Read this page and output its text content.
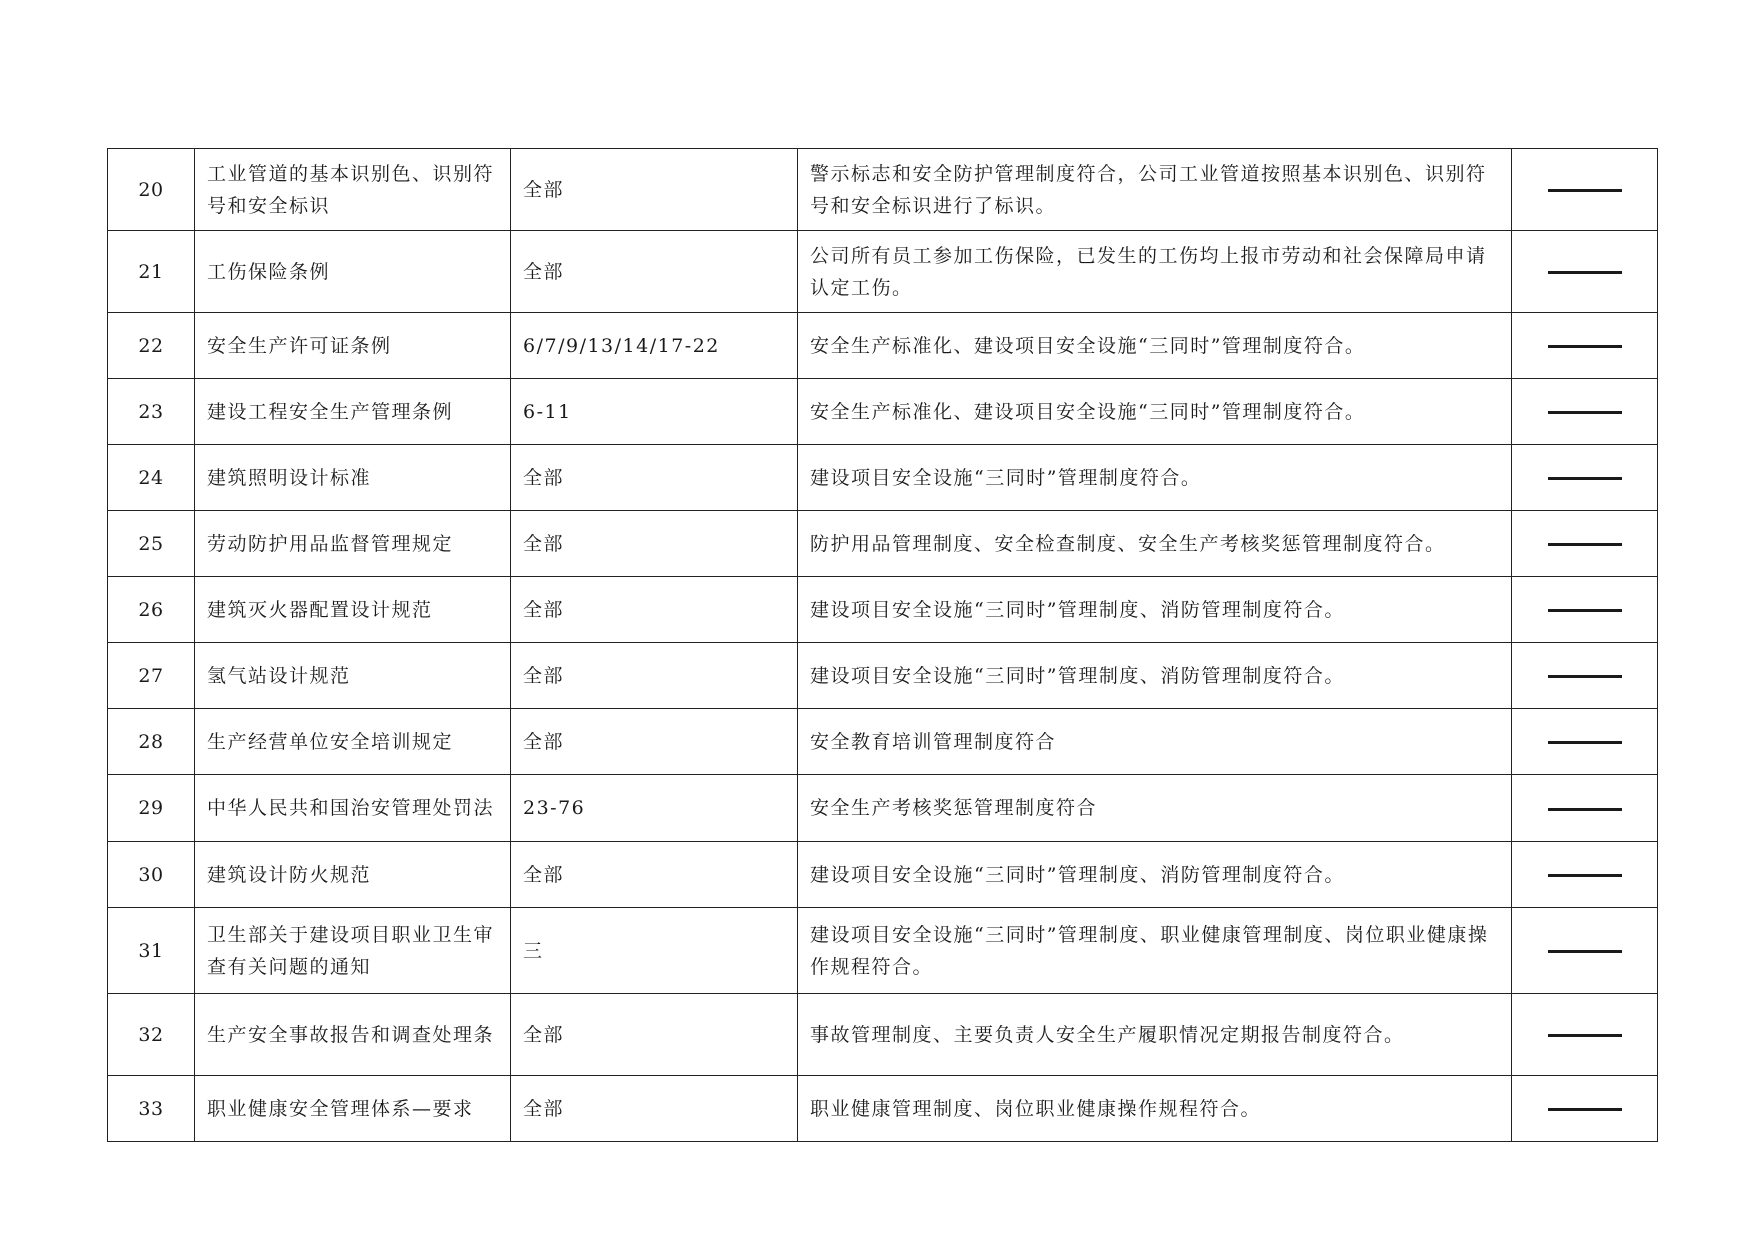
20	工业管道的基本识别色、识别符号和安全标识	全部	警示标志和安全防护管理制度符合，公司工业管道按照基本识别色、识别符号和安全标识进行了标识。	
21	工伤保险条例	全部	公司所有员工参加工伤保险，已发生的工伤均上报市劳动和社会保障局申请认定工伤。	
22	安全生产许可证条例	6/7/9/13/14/17-22	安全生产标准化、建设项目安全设施“三同时”管理制度符合。	
23	建设工程安全生产管理条例	6-11	安全生产标准化、建设项目安全设施“三同时”管理制度符合。	
24	建筑照明设计标准	全部	建设项目安全设施“三同时”管理制度符合。	
25	劳动防护用品监督管理规定	全部	防护用品管理制度、安全检查制度、安全生产考核奖惩管理制度符合。	
26	建筑灭火器配置设计规范	全部	建设项目安全设施“三同时”管理制度、消防管理制度符合。	
27	氢气站设计规范	全部	建设项目安全设施“三同时”管理制度、消防管理制度符合。	
28	生产经营单位安全培训规定	全部	安全教育培训管理制度符合	
29	中华人民共和国治安管理处罚法	23-76	安全生产考核奖惩管理制度符合	
30	建筑设计防火规范	全部	建设项目安全设施“三同时”管理制度、消防管理制度符合。	
31	卫生部关于建设项目职业卫生审查有关问题的通知	三	建设项目安全设施“三同时”管理制度、职业健康管理制度、岗位职业健康操作规程符合。	
32	生产安全事故报告和调查处理条	全部	事故管理制度、主要负责人安全生产履职情况定期报告制度符合。	
33	职业健康安全管理体系—要求	全部	职业健康管理制度、岗位职业健康操作规程符合。	
